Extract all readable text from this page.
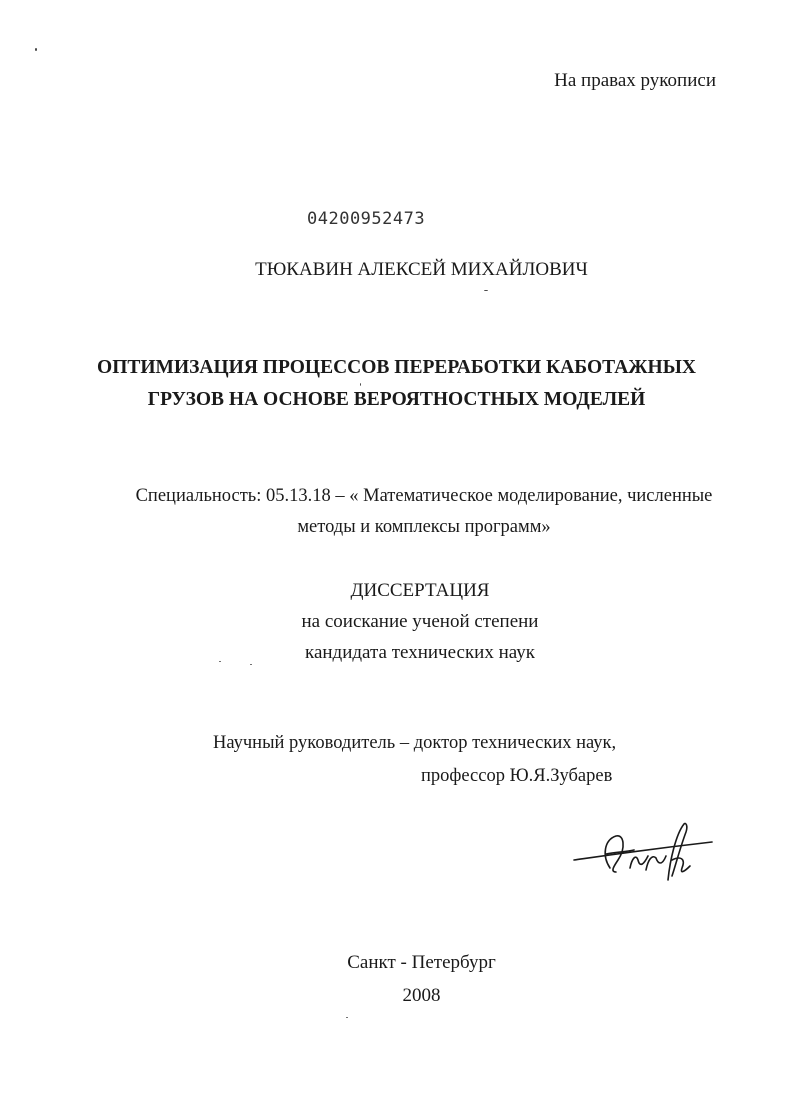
На правах рукописи
04200952473
ТЮКАВИН АЛЕКСЕЙ МИХАЙЛОВИЧ
ОПТИМИЗАЦИЯ ПРОЦЕССОВ ПЕРЕРАБОТКИ КАБОТАЖНЫХ
ГРУЗОВ НА ОСНОВЕ ВЕРОЯТНОСТНЫХ МОДЕЛЕЙ
Специальность: 05.13.18 – « Математическое моделирование, численные
методы и комплексы программ»
ДИССЕРТАЦИЯ
на соискание ученой степени
кандидата технических наук
Научный руководитель – доктор технических наук,
профессор Ю.Я.Зубарев
Санкт - Петербург
2008
